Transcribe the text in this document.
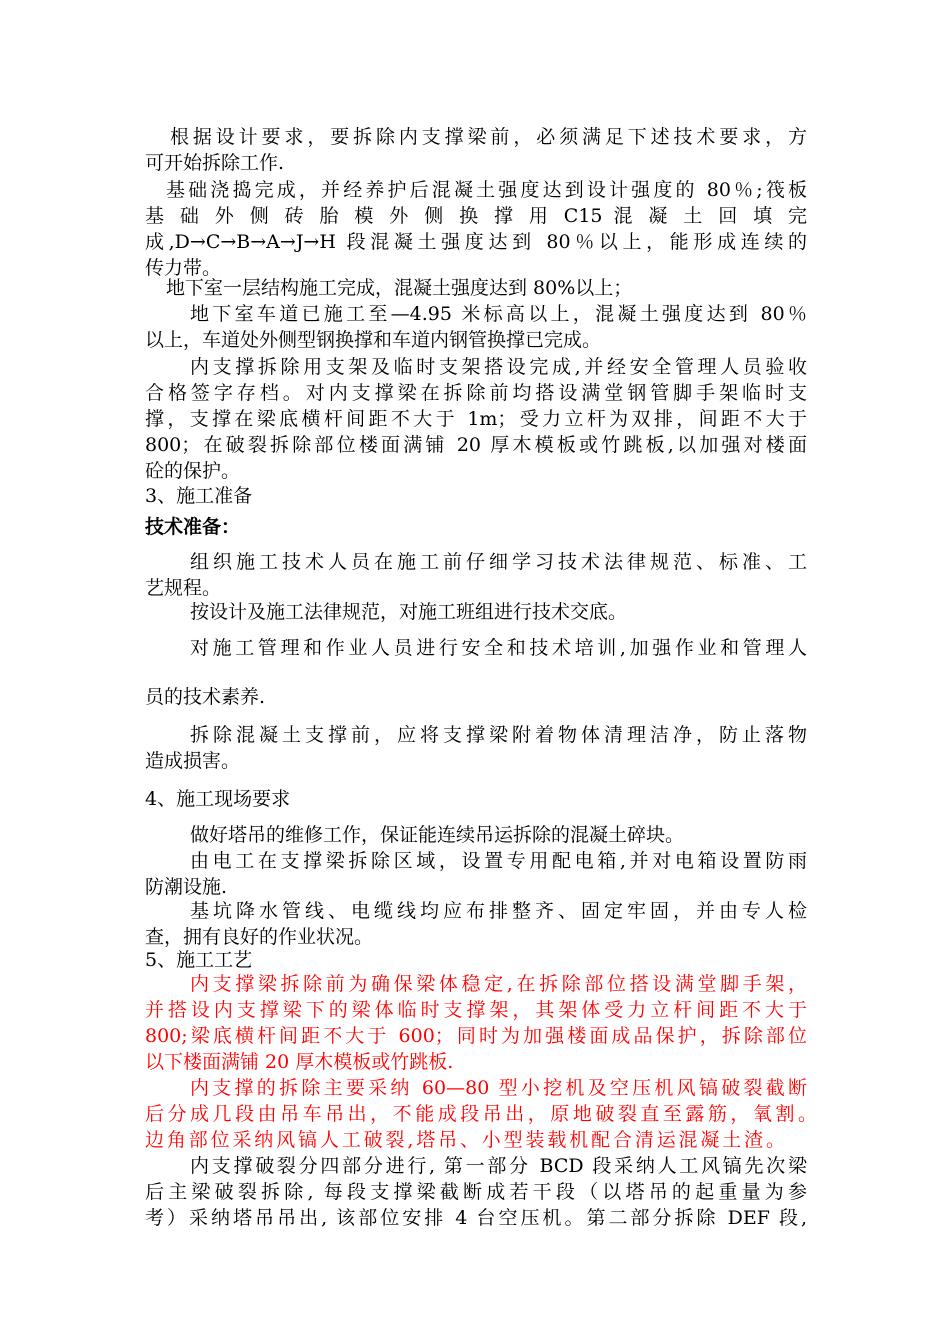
根据设计要求，要拆除内支撑梁前，必须满足下述技术要求，方
可开始拆除工作.
基础浇捣完成，并经养护后混凝土强度达到设计强度的 80％;筏板
基 础 外 侧 砖 胎 模 外 侧 换 撑 用 C15 混 凝 土 回 填 完
成,D→C→B→A→J→H 段混凝土强度达到 80％以上，能形成连续的
传力带。
地下室一层结构施工完成，混凝土强度达到 80%以上；
地下室车道已施工至—4.95 米标高以上，混凝土强度达到 80％
以上，车道处外侧型钢换撑和车道内钢管换撑已完成。
内支撑拆除用支架及临时支架搭设完成,并经安全管理人员验收
合格签字存档。对内支撑梁在拆除前均搭设满堂钢管脚手架临时支
撑，支撑在梁底横杆间距不大于 1m；受力立杆为双排，间距不大于
800；在破裂拆除部位楼面满铺 20 厚木模板或竹跳板,以加强对楼面
砼的保护。
3、施工准备
技术准备：
组织施工技术人员在施工前仔细学习技术法律规范、标准、工
艺规程。
按设计及施工法律规范，对施工班组进行技术交底。
对施工管理和作业人员进行安全和技术培训,加强作业和管理人
员的技术素养.
拆除混凝土支撑前，应将支撑梁附着物体清理洁净，防止落物
造成损害。
4、施工现场要求
做好塔吊的维修工作，保证能连续吊运拆除的混凝土碎块。
由电工在支撑梁拆除区域，设置专用配电箱,并对电箱设置防雨
防潮设施.
基坑降水管线、电缆线均应布排整齐、固定牢固，并由专人检
查，拥有良好的作业状况。
5、施工工艺
内支撑梁拆除前为确保梁体稳定,在拆除部位搭设满堂脚手架，
并搭设内支撑梁下的梁体临时支撑架，其架体受力立杆间距不大于
800;梁底横杆间距不大于 600；同时为加强楼面成品保护，拆除部位
以下楼面满铺 20 厚木模板或竹跳板.
内支撑的拆除主要采纳 60—80 型小挖机及空压机风镐破裂截断
后分成几段由吊车吊出，不能成段吊出，原地破裂直至露筋，氧割。
边角部位采纳风镐人工破裂,塔吊、小型装载机配合清运混凝土渣。
内支撑破裂分四部分进行, 第一部分 BCD 段采纳人工风镐先次梁
后主梁破裂拆除, 每段支撑梁截断成若干段（以塔吊的起重量为参
考）采纳塔吊吊出, 该部位安排 4 台空压机。第二部分拆除 DEF 段,
